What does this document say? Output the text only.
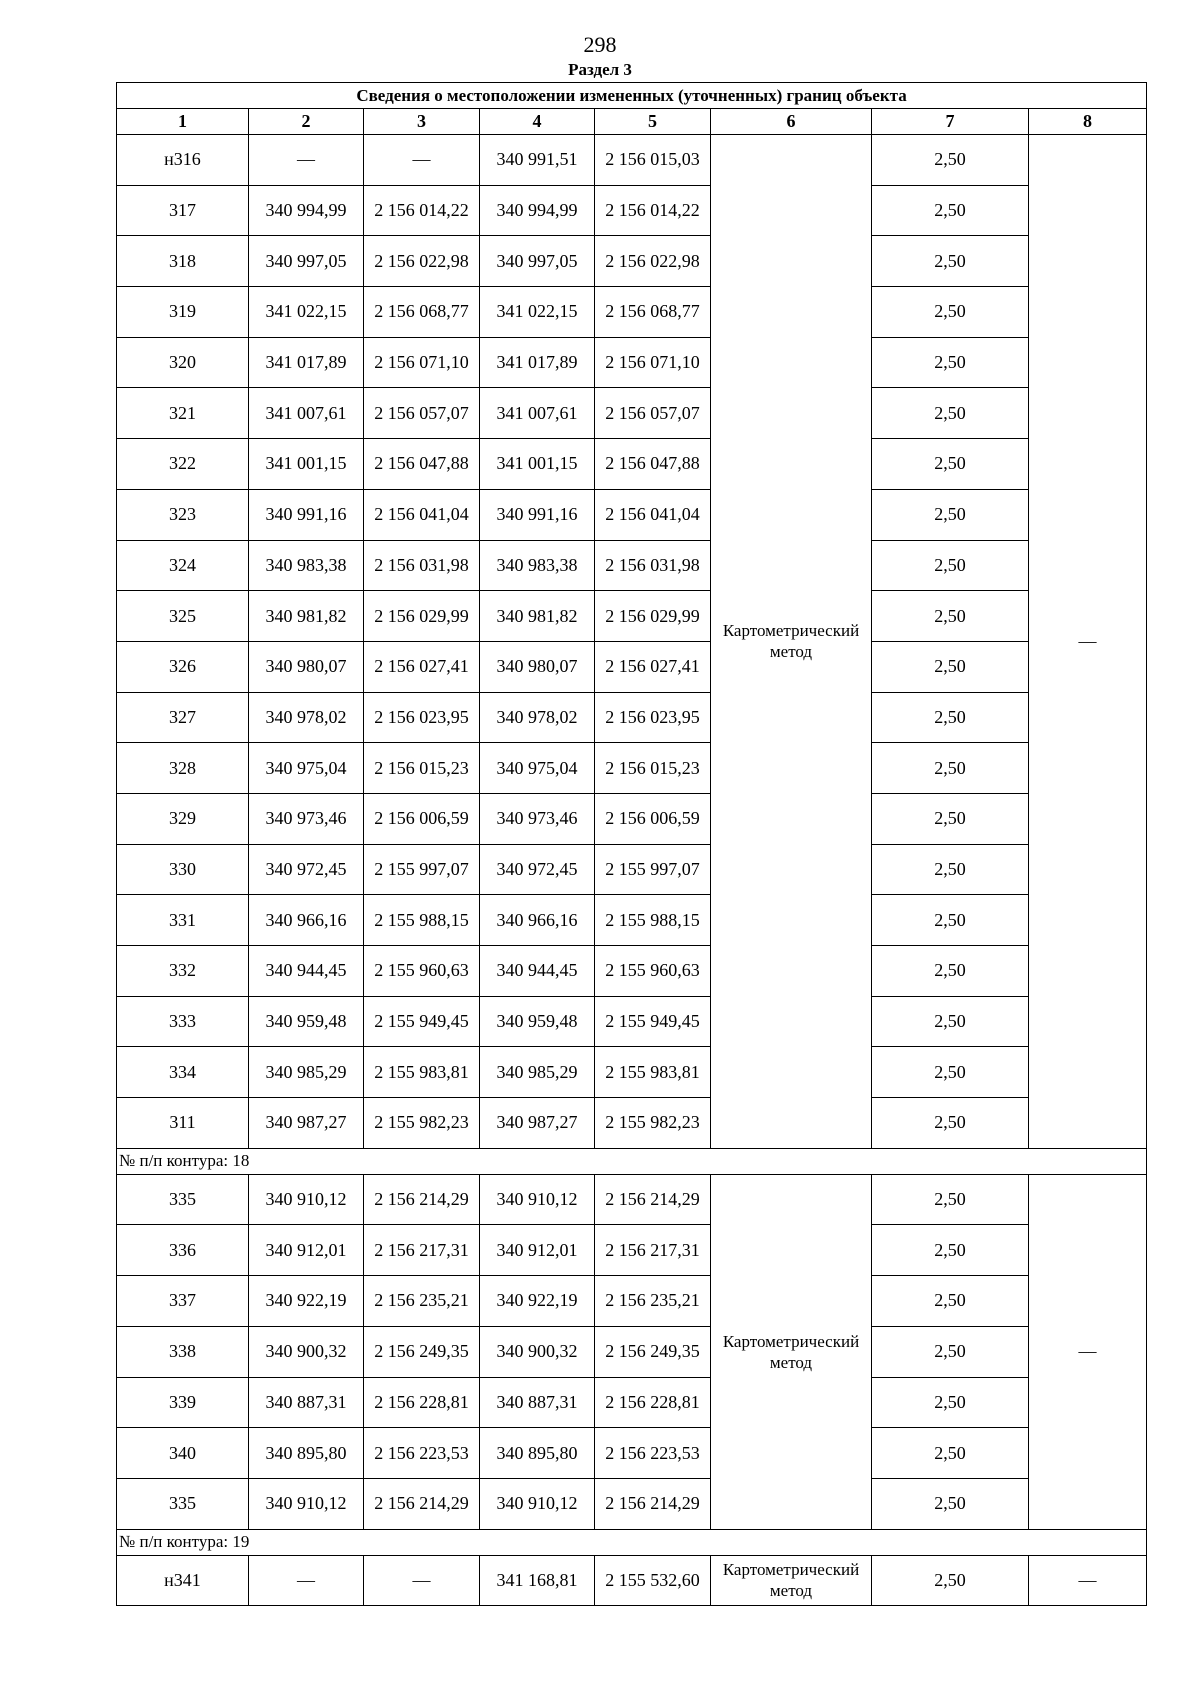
298
Раздел 3
Сведения о местоположении измененных (уточненных) границ объекта							
1	2	3	4	5	6	7	8
н316	—	—	340 991,51	2 156 015,03	Картометрический метод	2,50	—
317	340 994,99	2 156 014,22	340 994,99	2 156 014,22		2,50	
318	340 997,05	2 156 022,98	340 997,05	2 156 022,98		2,50	
319	341 022,15	2 156 068,77	341 022,15	2 156 068,77		2,50	
320	341 017,89	2 156 071,10	341 017,89	2 156 071,10		2,50	
321	341 007,61	2 156 057,07	341 007,61	2 156 057,07		2,50	
322	341 001,15	2 156 047,88	341 001,15	2 156 047,88		2,50	
323	340 991,16	2 156 041,04	340 991,16	2 156 041,04		2,50	
324	340 983,38	2 156 031,98	340 983,38	2 156 031,98		2,50	
325	340 981,82	2 156 029,99	340 981,82	2 156 029,99		2,50	
326	340 980,07	2 156 027,41	340 980,07	2 156 027,41		2,50	
327	340 978,02	2 156 023,95	340 978,02	2 156 023,95		2,50	
328	340 975,04	2 156 015,23	340 975,04	2 156 015,23		2,50	
329	340 973,46	2 156 006,59	340 973,46	2 156 006,59		2,50	
330	340 972,45	2 155 997,07	340 972,45	2 155 997,07		2,50	
331	340 966,16	2 155 988,15	340 966,16	2 155 988,15		2,50	
332	340 944,45	2 155 960,63	340 944,45	2 155 960,63		2,50	
333	340 959,48	2 155 949,45	340 959,48	2 155 949,45		2,50	
334	340 985,29	2 155 983,81	340 985,29	2 155 983,81		2,50	
311	340 987,27	2 155 982,23	340 987,27	2 155 982,23		2,50	
№ п/п контура: 18							
335	340 910,12	2 156 214,29	340 910,12	2 156 214,29	Картометрический метод	2,50	—
336	340 912,01	2 156 217,31	340 912,01	2 156 217,31		2,50	
337	340 922,19	2 156 235,21	340 922,19	2 156 235,21		2,50	
338	340 900,32	2 156 249,35	340 900,32	2 156 249,35		2,50	
339	340 887,31	2 156 228,81	340 887,31	2 156 228,81		2,50	
340	340 895,80	2 156 223,53	340 895,80	2 156 223,53		2,50	
335	340 910,12	2 156 214,29	340 910,12	2 156 214,29		2,50	
№ п/п контура: 19							
н341	—	—	341 168,81	2 155 532,60	Картометрический метод	2,50	—
